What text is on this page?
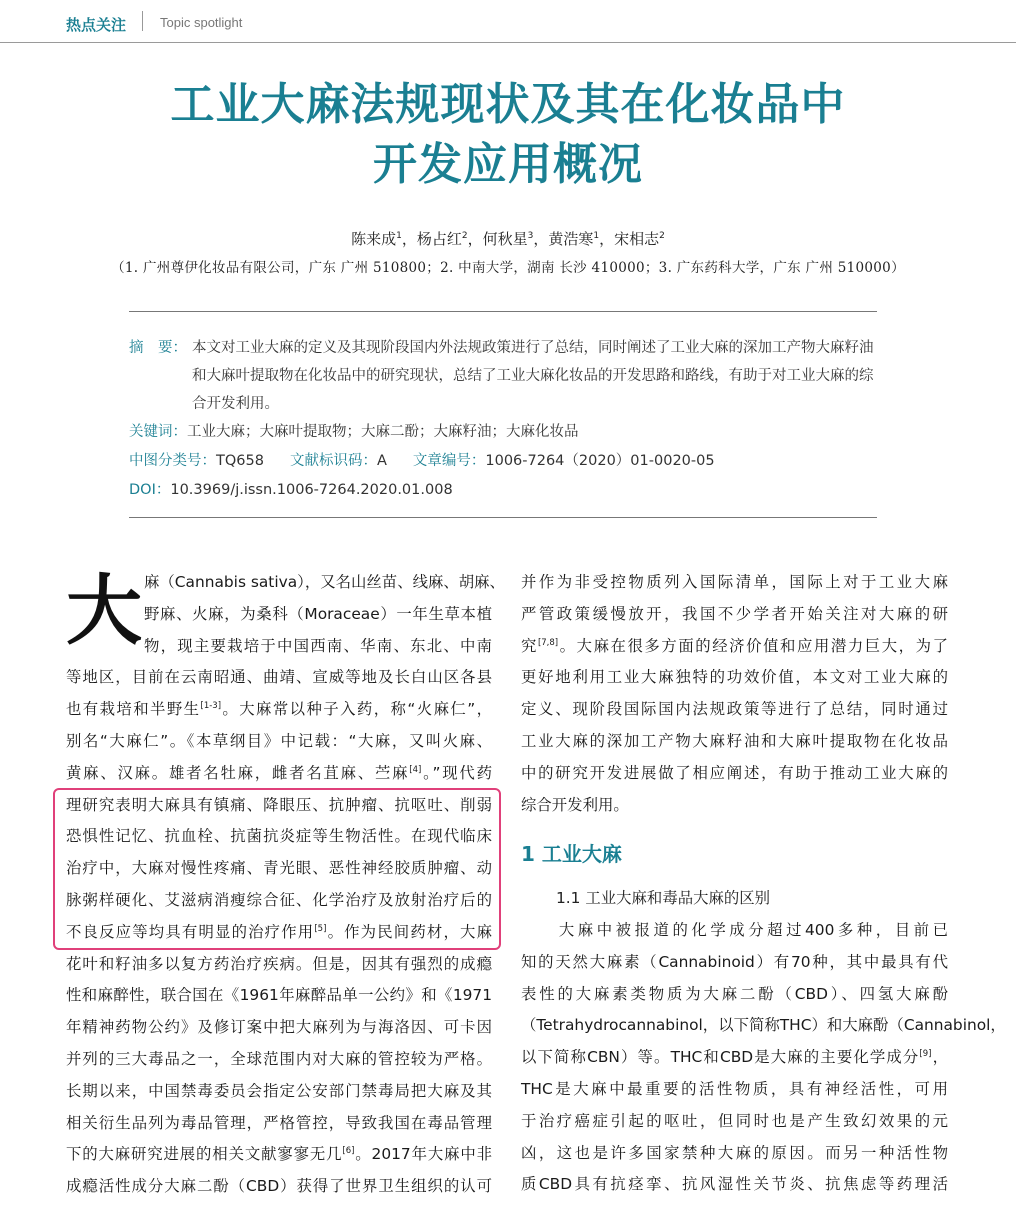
热点关注	Topic spotlight
工业大麻法规现状及其在化妆品中
开发应用概况
陈来成$^1$，杨占红$^2$，何秋星$^3$，黄浩寒$^1$，宋相志$^2$
（1. 广州尊伊化妆品有限公司，广东 广州 510800；2. 中南大学，湖南 长沙 410000；3. 广东药科大学，广东 广州 510000）
摘　要： 本文对工业大麻的定义及其现阶段国内外法规政策进行了总结，同时阐述了工业大麻的深加工产物大麻籽油和大麻叶提取物在化妆品中的研究现状，总结了工业大麻化妆品的开发思路和路线，有助于对工业大麻的综合开发利用。
关键词：工业大麻；大麻叶提取物；大麻二酚；大麻籽油；大麻化妆品
中图分类号：TQ658 文献标识码：A 文章编号：1006-7264（2020）01-0020-05
DOI：10.3969/j.issn.1006-7264.2020.01.008
大 麻（Cannabis sativa），又名山丝苗、线麻、胡麻、
野麻、火麻，为桑科（Moraceae）一年生草本植
物，现主要栽培于中国西南、华南、东北、中南
等地区，目前在云南昭通、曲靖、宣威等地及长白山区各县
也有栽培和半野生[1-3]。大麻常以种子入药，称“火麻仁”，
别名“大麻仁”。《本草纲目》中记载：“大麻，又叫火麻、
黄麻、汉麻。雄者名牡麻，雌者名苴麻、苎麻[4]。”现代药
理研究表明大麻具有镇痛、降眼压、抗肿瘤、抗呕吐、削弱
恐惧性记忆、抗血栓、抗菌抗炎症等生物活性。在现代临床
治疗中，大麻对慢性疼痛、青光眼、恶性神经胶质肿瘤、动
脉粥样硬化、艾滋病消瘦综合征、化学治疗及放射治疗后的
不良反应等均具有明显的治疗作用[5]。作为民间药材，大麻
花叶和籽油多以复方药治疗疾病。但是，因其有强烈的成瘾
性和麻醉性，联合国在《1961年麻醉品单一公约》和《1971
年精神药物公约》及修订案中把大麻列为与海洛因、可卡因
并列的三大毒品之一，全球范围内对大麻的管控较为严格。
长期以来，中国禁毒委员会指定公安部门禁毒局把大麻及其
相关衍生品列为毒品管理，严格管控，导致我国在毒品管理
下的大麻研究进展的相关文献寥寥无几[6]。2017年大麻中非
成瘾活性成分大麻二酚（CBD）获得了世界卫生组织的认可
并作为非受控物质列入国际清单，国际上对于工业大麻
严管政策缓慢放开，我国不少学者开始关注对大麻的研
究[7,8]。大麻在很多方面的经济价值和应用潜力巨大，为了
更好地利用工业大麻独特的功效价值，本文对工业大麻的
定义、现阶段国际国内法规政策等进行了总结，同时通过
工业大麻的深加工产物大麻籽油和大麻叶提取物在化妆品
中的研究开发进展做了相应阐述，有助于推动工业大麻的
综合开发利用。
1 工业大麻
1.1 工业大麻和毒品大麻的区别
　　大麻中被报道的化学成分超过400多种，目前已
知的天然大麻素（Cannabinoid）有70种，其中最具有代
表性的大麻素类物质为大麻二酚（CBD）、四氢大麻酚
（Tetrahydrocannabinol，以下简称THC）和大麻酚（Cannabinol，
以下简称CBN）等。THC和CBD是大麻的主要化学成分[9]，
THC是大麻中最重要的活性物质，具有神经活性，可用
于治疗癌症引起的呕吐，但同时也是产生致幻效果的元
凶，这也是许多国家禁种大麻的原因。而另一种活性物
质CBD具有抗痉挛、抗风湿性关节炎、抗焦虑等药理活
